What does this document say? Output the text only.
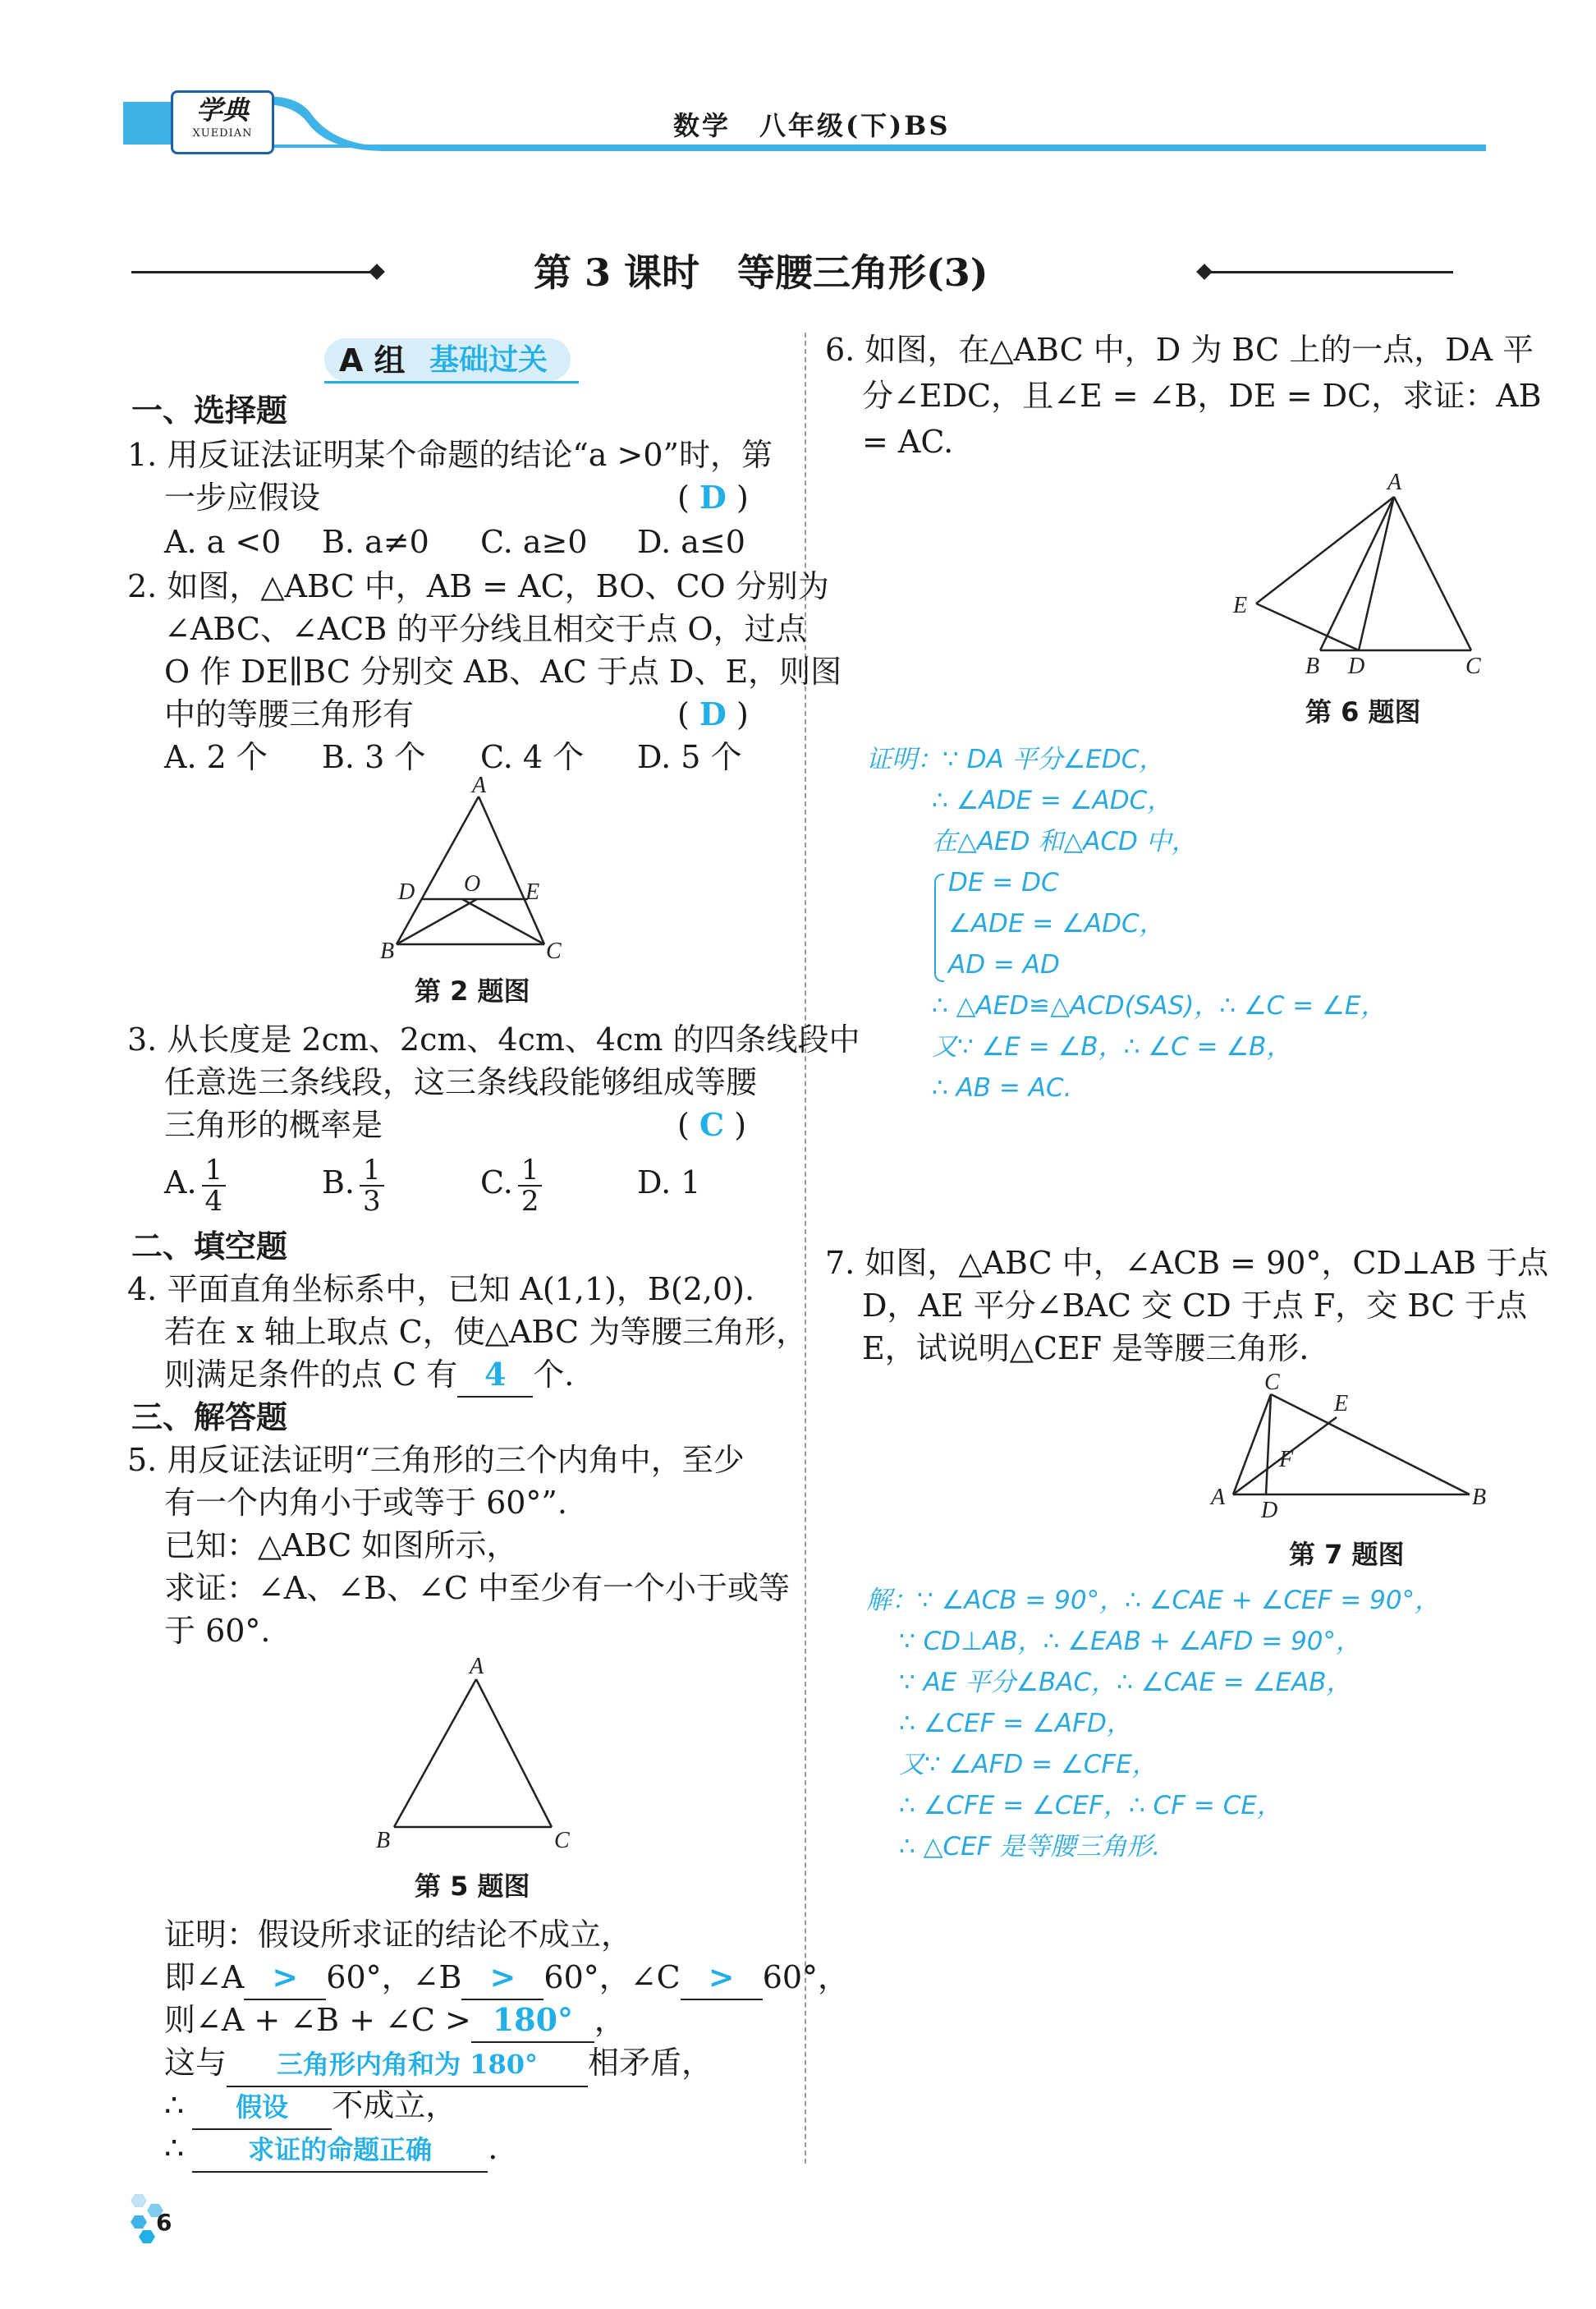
学典
XUEDIAN	数学　八年级(下)BS
第 3 课时　等腰三角形(3)
A 组 基础过关
一、选择题
1. 用反证法证明某个命题的结论“a >0”时，第
一步应假设	( D )
A. a <0 B. a≠0 C. a≥0 D. a≤0
2. 如图，△ABC 中，AB = AC，BO、CO 分别为
∠ABC、∠ACB 的平分线且相交于点 O，过点
O 作 DE∥BC 分别交 AB、AC 于点 D、E，则图
中的等腰三角形有	( D )
A. 2 个 B. 3 个 C. 4 个 D. 5 个
A
D O E
B	C
第 2 题图
3. 从长度是 2cm、2cm、4cm、4cm 的四条线段中
任意选三条线段，这三条线段能够组成等腰
三角形的概率是	( C )
A. $\frac{1}{4}$	B. $\frac{1}{3}$	C. $\frac{1}{2}$	D. 1
二、填空题
4. 平面直角坐标系中，已知 A(1,1)，B(2,0).
若在 x 轴上取点 C，使△ABC 为等腰三角形，
则满足条件的点 C 有 4 个.
三、解答题
5. 用反证法证明“三角形的三个内角中，至少
有一个内角小于或等于 60°”.
已知：△ABC 如图所示，
求证：∠A、∠B、∠C 中至少有一个小于或等
于 60°.
A
B	C
第 5 题图
证明：假设所求证的结论不成立，
即∠A > 60°，∠B > 60°，∠C > 60°，
则∠A + ∠B + ∠C > 180° ，
这与 三角形内角和为 180° 相矛盾，
∴ 假设 不成立，
∴ 求证的命题正确 .
6. 如图，在△ABC 中，D 为 BC 上的一点，DA 平
分∠EDC，且∠E = ∠B，DE = DC，求证：AB
= AC.
A
E
B D	C
第 6 题图
证明：∵ DA 平分∠EDC，
∴ ∠ADE = ∠ADC，
在△AED 和△ACD 中，
DE = DC
∠ADE = ∠ADC，
AD = AD
∴ △AED≌△ACD(SAS)，∴ ∠C = ∠E，
又∵ ∠E = ∠B，∴ ∠C = ∠B，
∴ AB = AC.
7. 如图，△ABC 中，∠ACB = 90°，CD⊥AB 于点
D，AE 平分∠BAC 交 CD 于点 F，交 BC 于点
E，试说明△CEF 是等腰三角形.
C
E
F
A
D
B
第 7 题图
解：∵ ∠ACB = 90°，∴ ∠CAE + ∠CEF = 90°，
∵ CD⊥AB，∴ ∠EAB + ∠AFD = 90°，
∵ AE 平分∠BAC，∴ ∠CAE = ∠EAB，
∴ ∠CEF = ∠AFD，
又∵ ∠AFD = ∠CFE，
∴ ∠CFE = ∠CEF，∴ CF = CE，
∴ △CEF 是等腰三角形.
6
